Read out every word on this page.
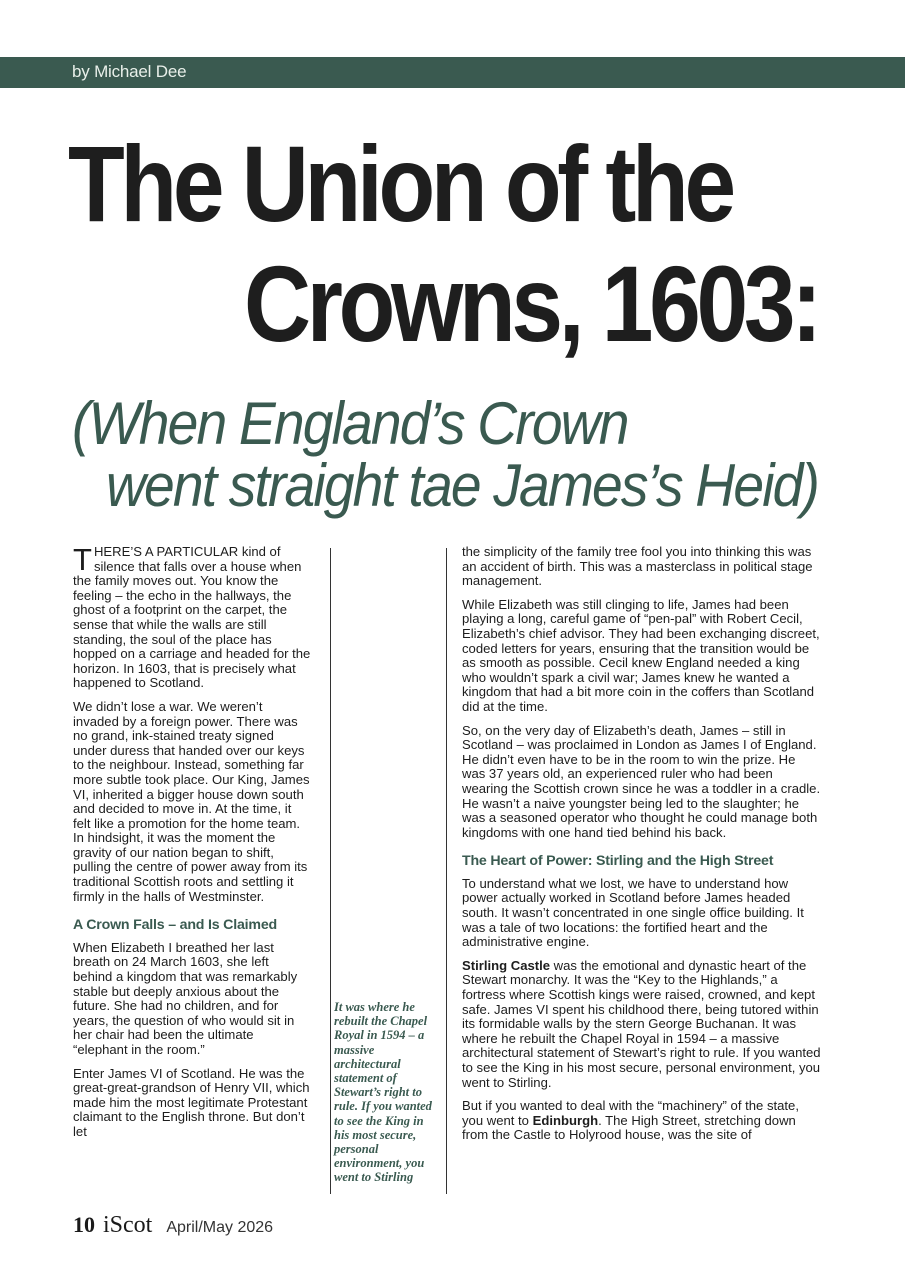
by Michael Dee
The Union of the
Crowns, 1603:
(When England’s Crown
went straight tae James’s Heid)

THERE’S A PARTICULAR kind of silence that falls over a house when the family moves out. You know the feeling – the echo in the hallways, the ghost of a footprint on the carpet, the sense that while the walls are still standing, the soul of the place has hopped on a carriage and headed for the horizon. In 1603, that is precisely what happened to Scotland.

We didn’t lose a war. We weren’t invaded by a foreign power. There was no grand, ink-stained treaty signed under duress that handed over our keys to the neighbour. Instead, something far more subtle took place. Our King, James VI, inherited a bigger house down south and decided to move in. At the time, it felt like a promotion for the home team. In hindsight, it was the moment the gravity of our nation began to shift, pulling the centre of power away from its traditional Scottish roots and settling it firmly in the halls of Westminster.

A Crown Falls – and Is Claimed

When Elizabeth I breathed her last breath on 24 March 1603, she left behind a kingdom that was remarkably stable but deeply anxious about the future. She had no children, and for years, the question of who would sit in her chair had been the ultimate “elephant in the room.”

Enter James VI of Scotland. He was the great-great-grandson of Henry VII, which made him the most legitimate Protestant claimant to the English throne. But don’t let

It was where he rebuilt the Chapel Royal in 1594 – a massive architectural statement of Stewart’s right to rule. If you wanted to see the King in his most secure, personal environment, you went to Stirling

the simplicity of the family tree fool you into thinking this was an accident of birth. This was a masterclass in political stage management.

While Elizabeth was still clinging to life, James had been playing a long, careful game of “pen-pal” with Robert Cecil, Elizabeth’s chief advisor. They had been exchanging discreet, coded letters for years, ensuring that the transition would be as smooth as possible. Cecil knew England needed a king who wouldn’t spark a civil war; James knew he wanted a kingdom that had a bit more coin in the coffers than Scotland did at the time.

So, on the very day of Elizabeth’s death, James – still in Scotland – was proclaimed in London as James I of England. He didn’t even have to be in the room to win the prize. He was 37 years old, an experienced ruler who had been wearing the Scottish crown since he was a toddler in a cradle. He wasn’t a naive youngster being led to the slaughter; he was a seasoned operator who thought he could manage both kingdoms with one hand tied behind his back.

The Heart of Power: Stirling and the High Street

To understand what we lost, we have to understand how power actually worked in Scotland before James headed south. It wasn’t concentrated in one single office building. It was a tale of two locations: the fortified heart and the administrative engine.

Stirling Castle was the emotional and dynastic heart of the Stewart monarchy. It was the “Key to the Highlands,” a fortress where Scottish kings were raised, crowned, and kept safe. James VI spent his childhood there, being tutored within its formidable walls by the stern George Buchanan. It was where he rebuilt the Chapel Royal in 1594 – a massive architectural statement of Stewart’s right to rule. If you wanted to see the King in his most secure, personal environment, you went to Stirling.

But if you wanted to deal with the “machinery” of the state, you went to Edinburgh. The High Street, stretching down from the Castle to Holyrood house, was the site of

10 iScot April/May 2026
